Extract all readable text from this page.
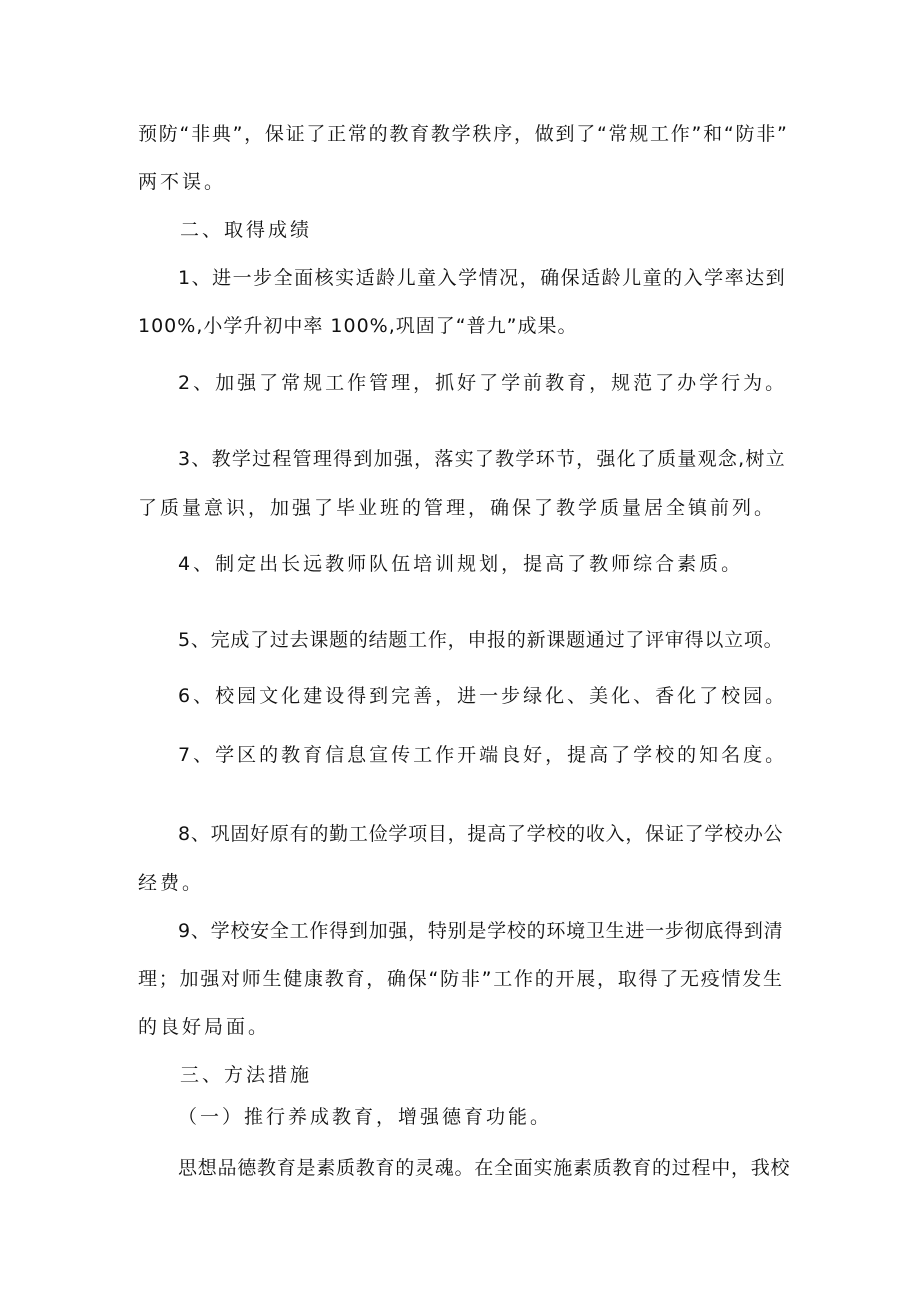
预防“非典”，保证了正常的教育教学秩序，做到了“常规工作”和“防非”
两不误。
二、取得成绩
1、进一步全面核实适龄儿童入学情况，确保适龄儿童的入学率达到
100%,小学升初中率 100%,巩固了“普九”成果。
2、加强了常规工作管理，抓好了学前教育，规范了办学行为。
3、教学过程管理得到加强，落实了教学环节，强化了质量观念,树立
了质量意识，加强了毕业班的管理，确保了教学质量居全镇前列。
4、制定出长远教师队伍培训规划，提高了教师综合素质。
5、完成了过去课题的结题工作，申报的新课题通过了评审得以立项。
6、校园文化建设得到完善，进一步绿化、美化、香化了校园。
7、学区的教育信息宣传工作开端良好，提高了学校的知名度。
8、巩固好原有的勤工俭学项目，提高了学校的收入，保证了学校办公
经费。
9、学校安全工作得到加强，特别是学校的环境卫生进一步彻底得到清
理；加强对师生健康教育，确保“防非”工作的开展，取得了无疫情发生
的良好局面。
三、方法措施
（一）推行养成教育，增强德育功能。
思想品德教育是素质教育的灵魂。在全面实施素质教育的过程中，我校
